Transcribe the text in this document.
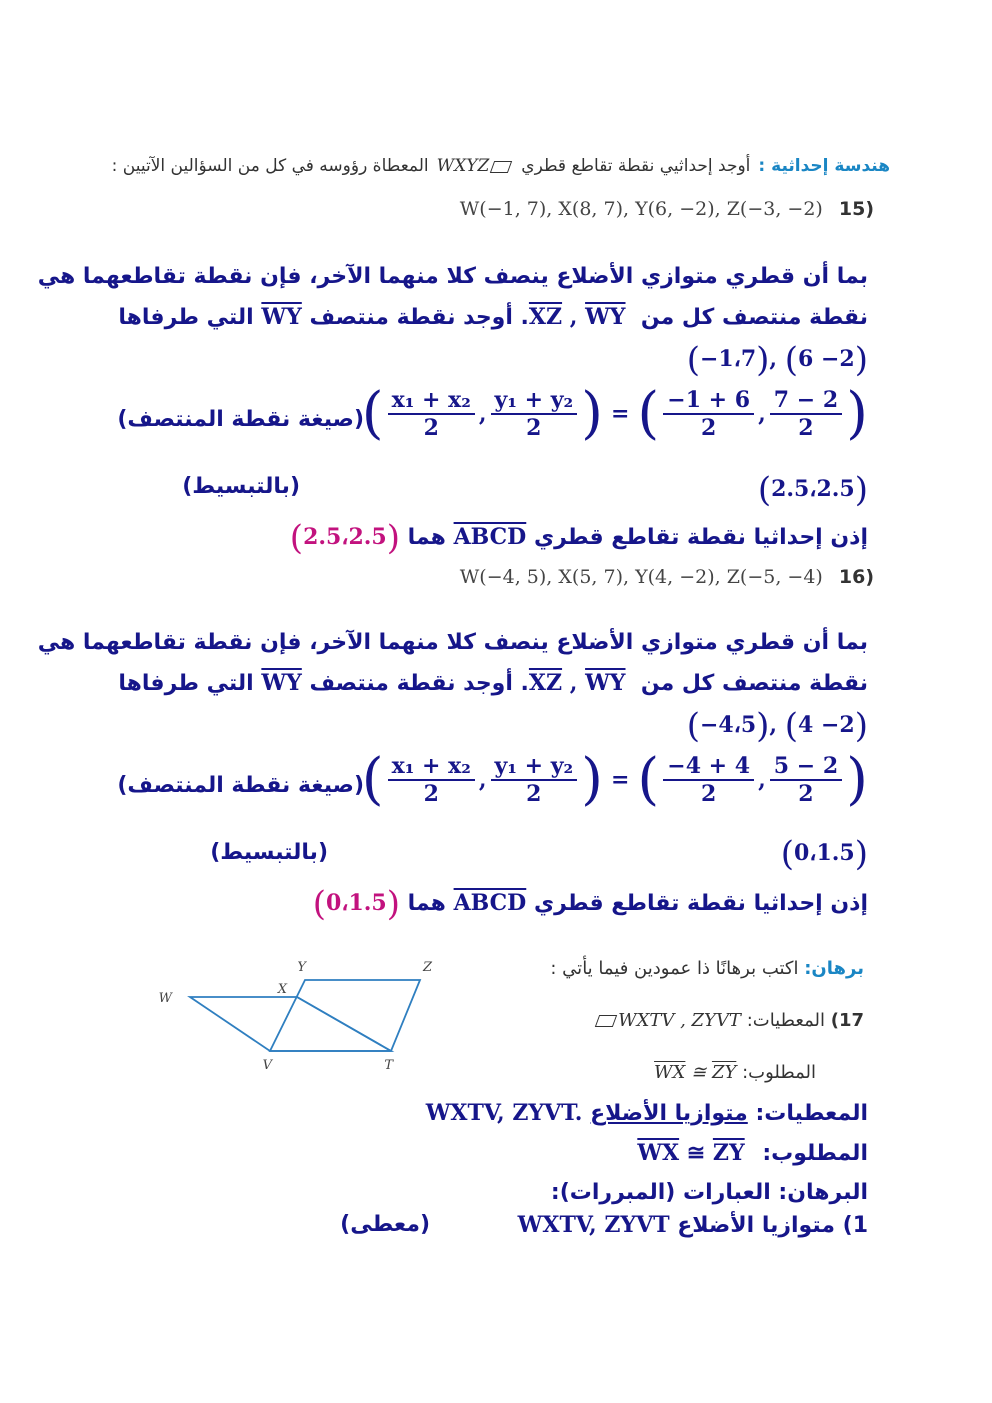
هندسة إحداثية :
أوجد إحداثيي نقطة تقاطع قطري
WXYZ
المعطاة رؤوسه في كل من السؤالين الآتيين :
W(−1, 7), X(8, 7), Y(6, −2), Z(−3, −2) 15)
بما أن قطري متوازي الأضلاع ينصف كلا منهما الآخر، فإن نقطة تقاطعهما هي
نقطة منتصف كل من $\overline{XZ}$ , $\overline{WY}$ . أوجد نقطة منتصف $\overline{WY}$ التي طرفاها
(−1،7), (6 −2)
( $\frac{\text{x₁ + x₂}}{2}$ , $\frac{\text{y₁ + y₂}}{2}$ ) = ( $\frac{-1 + 6}{2}$ , $\frac{7 - 2}{2}$ )
(صيغة نقطة المنتصف)
(2.5،2.5)
(بالتبسيط)
إذن إحداثيا نقطة تقاطع قطري ABCD هما (2.5،2.5)
W(−4, 5), X(5, 7), Y(4, −2), Z(−5, −4) 16)
بما أن قطري متوازي الأضلاع ينصف كلا منهما الآخر، فإن نقطة تقاطعهما هي
نقطة منتصف كل من $\overline{XZ}$ , $\overline{WY}$ . أوجد نقطة منتصف $\overline{WY}$ التي طرفاها
(−4،5), (4 −2)
( $\frac{\text{x₁ + x₂}}{2}$ , $\frac{\text{y₁ + y₂}}{2}$ ) = ( $\frac{-4 + 4}{2}$ , $\frac{5 - 2}{2}$ )
(صيغة نقطة المنتصف)
(0،1.5)
(بالتبسيط)
إذن إحداثيا نقطة تقاطع قطري ABCD هما (0،1.5)
برهان: اكتب برهانًا ذا عمودين فيما يأتي :
17) المعطيات: WXTV , ZYVT
المطلوب: $\overline{WX}$ ≅ $\overline{ZY}$
W
X
Y	Z
V	T
المعطيات: متوازيا الأضلاع WXTV, ZYVT.
المطلوب: $\overline{WX}$ ≅ $\overline{ZY}$
البرهان: العبارات (المبررات):
1) متوازيا الأضلاع WXTV, ZYVT
(معطى)
